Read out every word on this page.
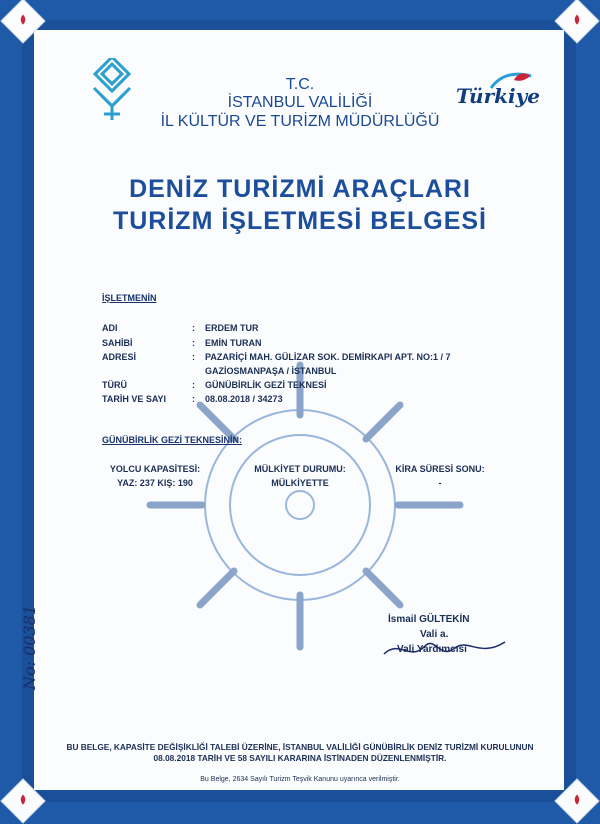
Türkiye
T.C.
İSTANBUL VALİLİĞİ
İL KÜLTÜR VE TURİZM MÜDÜRLÜĞÜ
DENİZ TURİZMİ ARAÇLARI
TURİZM İŞLETMESİ BELGESİ
İŞLETMENİN
ADI	: ERDEM TUR
SAHİBİ	: EMİN TURAN
ADRESİ	: PAZARİÇİ MAH. GÜLİZAR SOK. DEMİRKAPI APT. NO:1 / 7
GAZİOSMANPAŞA / İSTANBUL
TÜRÜ	: GÜNÜBİRLİK GEZİ TEKNESİ
TARİH VE SAYI	: 08.08.2018 / 34273
GÜNÜBİRLİK GEZİ TEKNESİNİN:
YOLCU KAPASİTESİ:
YAZ: 237 KIŞ: 190
MÜLKİYET DURUMU:
MÜLKİYETTE
KİRA SÜRESİ SONU:
-
İsmail GÜLTEKİN
Vali a.
Vali Yardımcısı
No: 00381
BU BELGE, KAPASİTE DEĞİŞİKLİĞİ TALEBİ ÜZERİNE, İSTANBUL VALİLİĞİ GÜNÜBİRLİK DENİZ TURİZMİ KURULUNUN
08.08.2018 TARİH VE 58 SAYILI KARARINA İSTİNADEN DÜZENLENMİŞTİR.
Bu Belge, 2634 Sayılı Turizm Teşvik Kanunu uyarınca verilmiştir.
